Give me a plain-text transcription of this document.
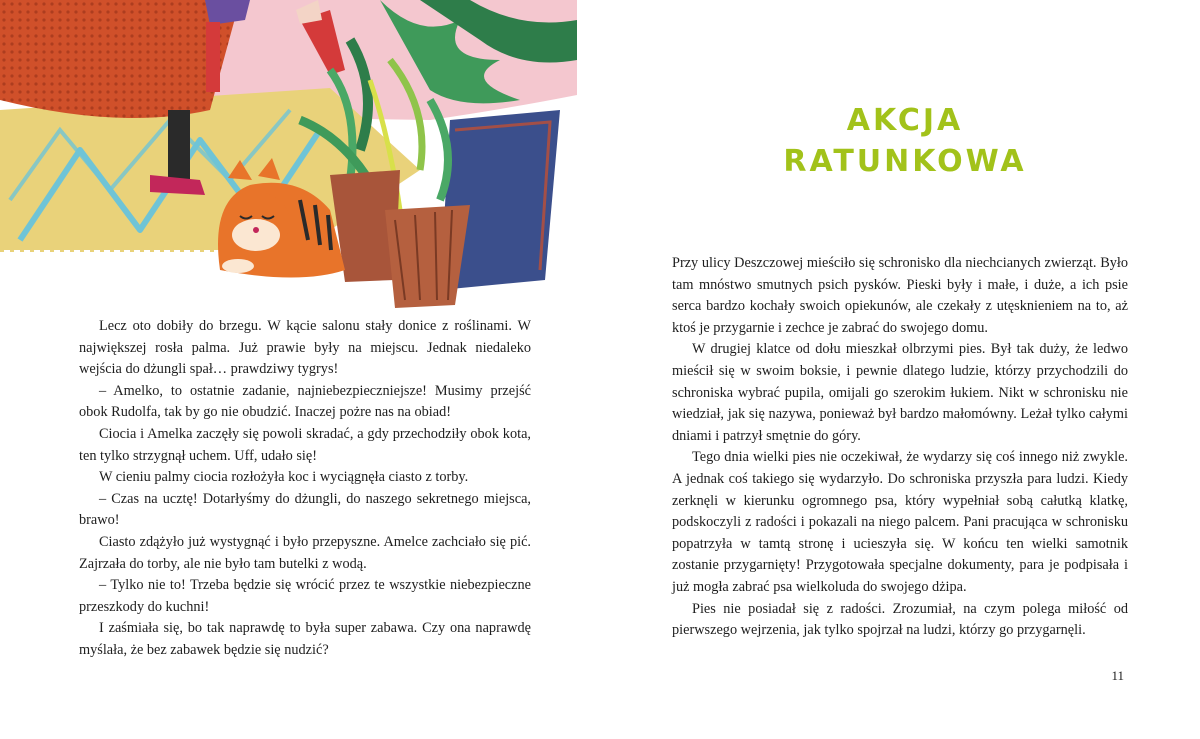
Lecz oto dobiły do brzegu. W kącie salonu stały donice z roślinami. W największej rosła palma. Już prawie były na miejscu. Jednak niedaleko wejścia do dżungli spał… prawdziwy tygrys!

– Amelko, to ostatnie zadanie, najniebezpieczniejsze! Musimy przejść obok Rudolfa, tak by go nie obudzić. Inaczej pożre nas na obiad!

Ciocia i Amelka zaczęły się powoli skradać, a gdy przechodziły obok kota, ten tylko strzygnął uchem. Uff, udało się!

W cieniu palmy ciocia rozłożyła koc i wyciągnęła ciasto z torby.

– Czas na ucztę! Dotarłyśmy do dżungli, do naszego sekretnego miejsca, brawo!

Ciasto zdążyło już wystygnąć i było przepyszne. Amelce zachciało się pić. Zajrzała do torby, ale nie było tam butelki z wodą.

– Tylko nie to! Trzeba będzie się wrócić przez te wszystkie niebezpieczne przeszkody do kuchni!

I zaśmiała się, bo tak naprawdę to była super zabawa. Czy ona naprawdę myślała, że bez zabawek będzie się nudzić?

AKCJA
RATUNKOWA

Przy ulicy Deszczowej mieściło się schronisko dla niechcianych zwierząt. Było tam mnóstwo smutnych psich pysków. Pieski były i małe, i duże, a ich psie serca bardzo kochały swoich opiekunów, ale czekały z utęsknieniem na to, aż ktoś je przygarnie i zechce je zabrać do swojego domu.

W drugiej klatce od dołu mieszkał olbrzymi pies. Był tak duży, że ledwo mieścił się w swoim boksie, i pewnie dlatego ludzie, którzy przychodzili do schroniska wybrać pupila, omijali go szerokim łukiem. Nikt w schronisku nie wiedział, jak się nazywa, ponieważ był bardzo małomówny. Leżał tylko całymi dniami i patrzył smętnie do góry.

Tego dnia wielki pies nie oczekiwał, że wydarzy się coś innego niż zwykle. A jednak coś takiego się wydarzyło. Do schroniska przyszła para ludzi. Kiedy zerknęli w kierunku ogromnego psa, który wypełniał sobą całutką klatkę, podskoczyli z radości i pokazali na niego palcem. Pani pracująca w schronisku popatrzyła w tamtą stronę i ucieszyła się. W końcu ten wielki samotnik zostanie przygarnięty! Przygotowała specjalne dokumenty, para je podpisała i już mogła zabrać psa wielkoluda do swojego dżipa.

Pies nie posiadał się z radości. Zrozumiał, na czym polega miłość od pierwszego wejrzenia, jak tylko spojrzał na ludzi, którzy go przygarnęli.

11
